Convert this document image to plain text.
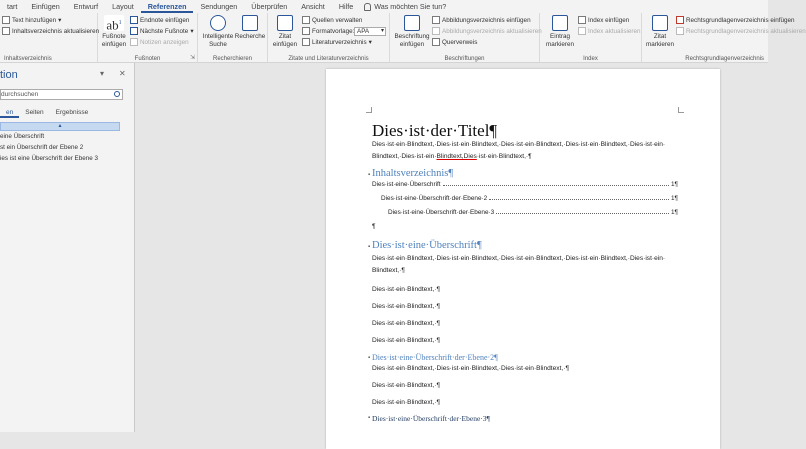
tart	Einfügen	Entwurf	Layout	Referenzen	Sendungen	Überprüfen	Ansicht	Hilfe	Was möchten Sie tun?
Text hinzufügen ▾
Inhaltsverzeichnis aktualisieren
Inhaltsverzeichnis
$ab^1$
Fußnote einfügen
Endnote einfügen
Nächste Fußnote ▾
Notizen anzeigen
Fußnoten	⇲
Intelligente Suche
Recherche
Recherchieren
Zitat einfügen
Quellen verwalten
Formatvorlage: APA ▾
Literaturverzeichnis ▾
Zitate und Literaturverzeichnis
Beschriftung einfügen
Abbildungsverzeichnis einfügen
Abbildungsverzeichnis aktualisieren
Querverweis
Beschriftungen
Eintrag markieren
Index einfügen
Index aktualisieren
Index
Zitat markieren
Rechtsgrundlagenverzeichnis einfügen
Rechtsgrundlagenverzeichnis aktualisieren
Rechtsgrundlagenverzeichnis
tion	▾ ✕
durchsuchen
en	Seiten	Ergebnisse
▴
eine Überschrift
st ein Überschrift der Ebene 2
ies ist eine Überschrift der Ebene 3
Dies·ist·der·Titel¶
Dies·ist·ein·Blindtext,·Dies·ist·ein·Blindtext,·Dies·ist·ein·Blindtext,·Dies·ist·ein·Blindtext,·Dies·ist·ein·
Blindtext,·Dies·ist·ein·Blindtext,Dies·ist·ein·Blindtext,·¶
▪ Inhaltsverzeichnis¶
Dies·ist·eine·Überschrift	1¶
Dies·ist·eine·Überschrift·der·Ebene·2	1¶
Dies·ist·eine·Überschrift·der·Ebene·3	1¶
¶
▪ Dies·ist·eine·Überschrift¶
Dies·ist·ein·Blindtext,·Dies·ist·ein·Blindtext,·Dies·ist·ein·Blindtext,·Dies·ist·ein·Blindtext,·Dies·ist·ein·
Blindtext,·¶
Dies·ist·ein·Blindtext,·¶
Dies·ist·ein·Blindtext,·¶
Dies·ist·ein·Blindtext,·¶
Dies·ist·ein·Blindtext,·¶
▪ Dies·ist·eine·Überschrift·der·Ebene·2¶
Dies·ist·ein·Blindtext,·Dies·ist·ein·Blindtext,·Dies·ist·ein·Blindtext,·¶
Dies·ist·ein·Blindtext,·¶
Dies·ist·ein·Blindtext,·¶
▪ Dies·ist·eine·Überschrift·der·Ebene·3¶
